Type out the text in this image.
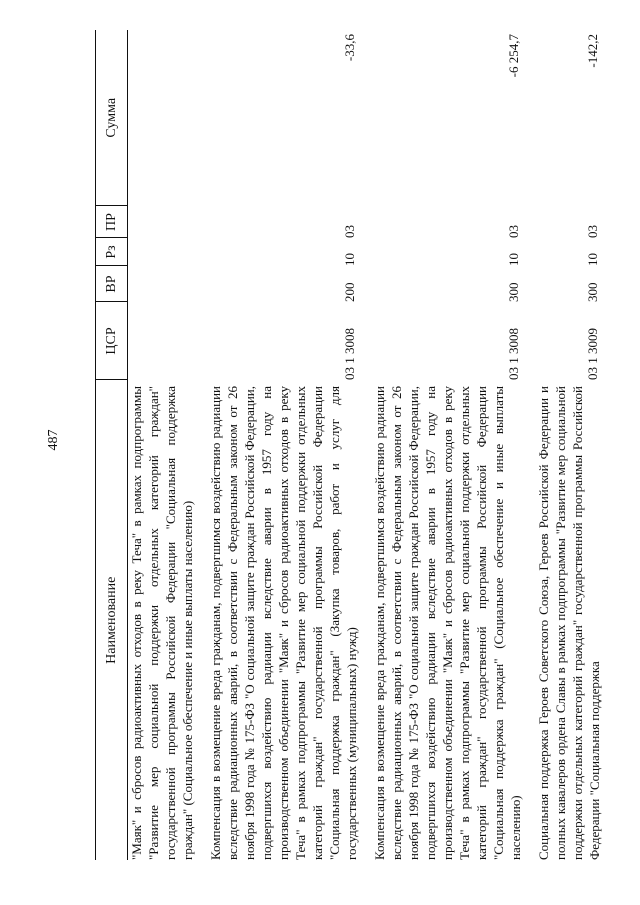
487
Наименование	ЦСР	ВР	Рз	ПР	Сумма

"Маяк" и сбросов радиоактивных отходов в реку Теча" в рамках подпрограммы "Развитие мер социальной поддержки отдельных категорий граждан" государственной программы Российской Федерации "Социальная поддержка граждан" (Социальное обеспечение и иные выплаты населению)					

Компенсация в возмещение вреда гражданам, подвергшимся воздействию радиации вследствие радиационных аварий, в соответствии с Федеральным законом от 26 ноября 1998 года № 175-ФЗ "О социальной защите граждан Российской Федерации, подвергшихся воздействию радиации вследствие аварии в 1957 году на производственном объединении "Маяк" и сбросов радиоактивных отходов в реку Теча" в рамках подпрограммы "Развитие мер социальной поддержки отдельных категорий граждан" государственной программы Российской Федерации "Социальная поддержка граждан" (Закупка товаров, работ и услуг для государственных (муниципальных) нужд)	03 1 3008	200	10	03	-33,6

Компенсация в возмещение вреда гражданам, подвергшимся воздействию радиации вследствие радиационных аварий, в соответствии с Федеральным законом от 26 ноября 1998 года № 175-ФЗ "О социальной защите граждан Российской Федерации, подвергшихся воздействию радиации вследствие аварии в 1957 году на производственном объединении "Маяк" и сбросов радиоактивных отходов в реку Теча" в рамках подпрограммы "Развитие мер социальной поддержки отдельных категорий граждан" государственной программы Российской Федерации "Социальная поддержка граждан" (Социальное обеспечение и иные выплаты населению)	03 1 3008	300	10	03	-6 254,7

Социальная поддержка Героев Советского Союза, Героев Российской Федерации и полных кавалеров ордена Славы в рамках подпрограммы "Развитие мер социальной поддержки отдельных категорий граждан" государственной программы Российской Федерации "Социальная поддержка	03 1 3009	300	10	03	-142,2
